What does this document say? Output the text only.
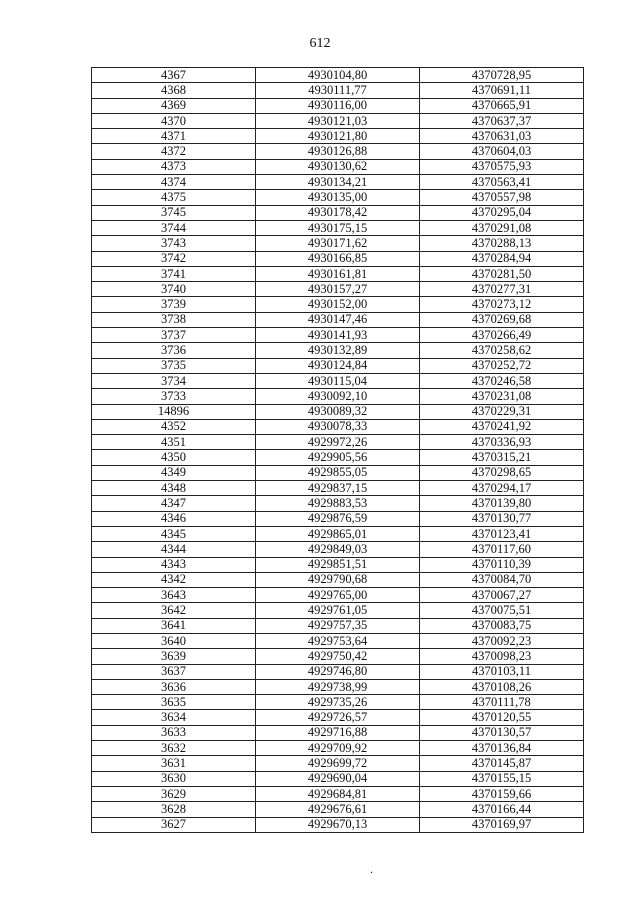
612
4367	4930104,80	4370728,95
4368	4930111,77	4370691,11
4369	4930116,00	4370665,91
4370	4930121,03	4370637,37
4371	4930121,80	4370631,03
4372	4930126,88	4370604,03
4373	4930130,62	4370575,93
4374	4930134,21	4370563,41
4375	4930135,00	4370557,98
3745	4930178,42	4370295,04
3744	4930175,15	4370291,08
3743	4930171,62	4370288,13
3742	4930166,85	4370284,94
3741	4930161,81	4370281,50
3740	4930157,27	4370277,31
3739	4930152,00	4370273,12
3738	4930147,46	4370269,68
3737	4930141,93	4370266,49
3736	4930132,89	4370258,62
3735	4930124,84	4370252,72
3734	4930115,04	4370246,58
3733	4930092,10	4370231,08
14896	4930089,32	4370229,31
4352	4930078,33	4370241,92
4351	4929972,26	4370336,93
4350	4929905,56	4370315,21
4349	4929855,05	4370298,65
4348	4929837,15	4370294,17
4347	4929883,53	4370139,80
4346	4929876,59	4370130,77
4345	4929865,01	4370123,41
4344	4929849,03	4370117,60
4343	4929851,51	4370110,39
4342	4929790,68	4370084,70
3643	4929765,00	4370067,27
3642	4929761,05	4370075,51
3641	4929757,35	4370083,75
3640	4929753,64	4370092,23
3639	4929750,42	4370098,23
3637	4929746,80	4370103,11
3636	4929738,99	4370108,26
3635	4929735,26	4370111,78
3634	4929726,57	4370120,55
3633	4929716,88	4370130,57
3632	4929709,92	4370136,84
3631	4929699,72	4370145,87
3630	4929690,04	4370155,15
3629	4929684,81	4370159,66
3628	4929676,61	4370166,44
3627	4929670,13	4370169,97
.
